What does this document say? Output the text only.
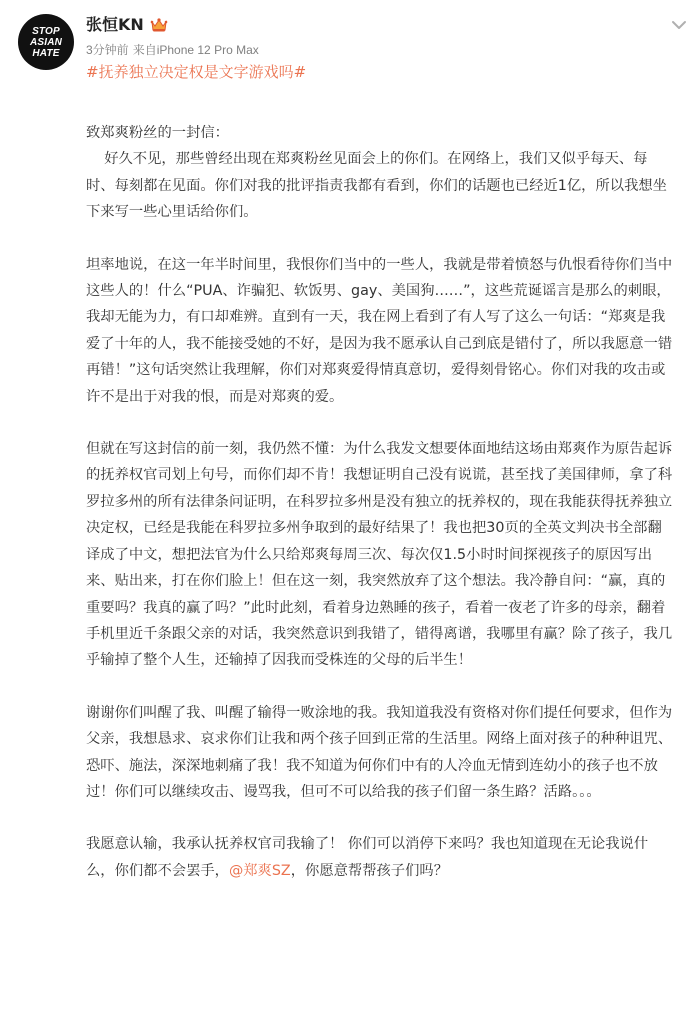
STOP
ASIAN
HATE
张恒KN
3分钟前 来自iPhone 12 Pro Max
#抚养独立决定权是文字游戏吗#

致郑爽粉丝的一封信：
好久不见，那些曾经出现在郑爽粉丝见面会上的你们。在网络上，我们又似乎每天、每时、每刻都在见面。你们对我的批评指责我都有看到，你们的话题也已经近1亿，所以我想坐下来写一些心里话给你们。

坦率地说，在这一年半时间里，我恨你们当中的一些人，我就是带着愤怒与仇恨看待你们当中这些人的！什么“PUA、诈骗犯、软饭男、gay、美国狗……”，这些荒诞谣言是那么的刺眼，我却无能为力，有口却难辨。直到有一天，我在网上看到了有人写了这么一句话：“郑爽是我爱了十年的人，我不能接受她的不好，是因为我不愿承认自己到底是错付了，所以我愿意一错再错！”这句话突然让我理解，你们对郑爽爱得情真意切，爱得刻骨铭心。你们对我的攻击或许不是出于对我的恨，而是对郑爽的爱。

但就在写这封信的前一刻，我仍然不懂：为什么我发文想要体面地结这场由郑爽作为原告起诉的抚养权官司划上句号，而你们却不肯！我想证明自己没有说谎，甚至找了美国律师，拿了科罗拉多州的所有法律条问证明，在科罗拉多州是没有独立的抚养权的，现在我能获得抚养独立决定权，已经是我能在科罗拉多州争取到的最好结果了！我也把30页的全英文判决书全部翻译成了中文，想把法官为什么只给郑爽每周三次、每次仅1.5小时时间探视孩子的原因写出来、贴出来，打在你们脸上！但在这一刻，我突然放弃了这个想法。我冷静自问：“赢，真的重要吗？我真的赢了吗？”此时此刻，看着身边熟睡的孩子，看着一夜老了许多的母亲，翻着手机里近千条跟父亲的对话，我突然意识到我错了，错得离谱，我哪里有赢？除了孩子，我几乎输掉了整个人生，还输掉了因我而受株连的父母的后半生！

谢谢你们叫醒了我、叫醒了输得一败涂地的我。我知道我没有资格对你们提任何要求，但作为父亲，我想恳求、哀求你们让我和两个孩子回到正常的生活里。网络上面对孩子的种种诅咒、恐吓、施法，深深地刺痛了我！我不知道为何你们中有的人冷血无情到连幼小的孩子也不放过！你们可以继续攻击、谩骂我，但可不可以给我的孩子们留一条生路？活路。。。

我愿意认输，我承认抚养权官司我输了！ 你们可以消停下来吗？我也知道现在无论我说什么，你们都不会罢手，@郑爽SZ，你愿意帮帮孩子们吗？
